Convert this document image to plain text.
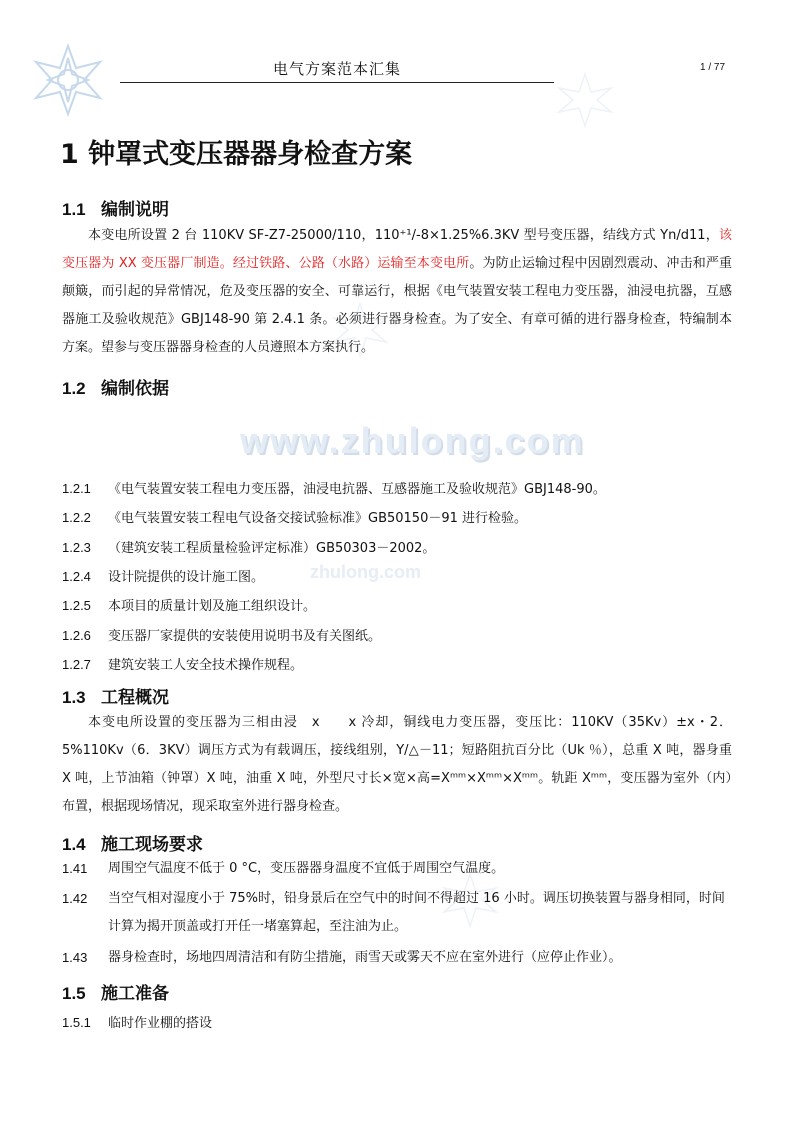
电气方案范本汇集	1 / 77
www.zhulong.com
zhulong.com
1 钟罩式变压器器身检查方案
1.1 编制说明
本变电所设置 2 台 110KV SF-Z7-25000/110，110⁺¹/-8×1.25%6.3KV 型号变压器，结线方式 Yn/d11，该变压器为 XX 变压器厂制造。经过铁路、公路（水路）运输至本变电所。为防止运输过程中因剧烈震动、冲击和严重颠簸，而引起的异常情况，危及变压器的安全、可靠运行，根据《电气装置安装工程电力变压器，油浸电抗器，互感器施工及验收规范》GBJ148-90 第 2.4.1 条。必须进行器身检查。为了安全、有章可循的进行器身检查，特编制本方案。望参与变压器器身检查的人员遵照本方案执行。
1.2 编制依据
1.2.1 《电气装置安装工程电力变压器，油浸电抗器、互感器施工及验收规范》GBJ148-90。
1.2.2 《电气装置安装工程电气设备交接试验标准》GB50150－91 进行检验。
1.2.3 （建筑安装工程质量检验评定标准）GB50303－2002。
1.2.4 设计院提供的设计施工图。
1.2.5 本项目的质量计划及施工组织设计。
1.2.6 变压器厂家提供的安装使用说明书及有关图纸。
1.2.7 建筑安装工人安全技术操作规程。
1.3 工程概况
本变电所设置的变压器为三相由浸　x　　x 冷却，铜线电力变压器，变压比：110KV（35Kv）±x・2．5%110Kv（6．3KV）调压方式为有载调压，接线组别，Y/△－11；短路阻抗百分比（Uk ％），总重 X 吨，器身重 X 吨，上节油箱（钟罩）X 吨，油重 X 吨，外型尺寸长×宽×高=Xᵐᵐ×Xᵐᵐ×Xᵐᵐ。轨距 Xᵐᵐ，变压器为室外（内）布置，根据现场情况，现采取室外进行器身检查。
1.4 施工现场要求
1.41 周围空气温度不低于 0 °C，变压器器身温度不宜低于周围空气温度。
1.42 当空气相对湿度小于 75%时，铅身景后在空气中的时间不得超过 16 小时。调压切换装置与器身相同，时间计算为揭开顶盖或打开任一堵塞算起，至注油为止。
1.43 器身检查时，场地四周清洁和有防尘措施，雨雪天或雾天不应在室外进行（应停止作业）。
1.5 施工准备
1.5.1 临时作业棚的搭设
